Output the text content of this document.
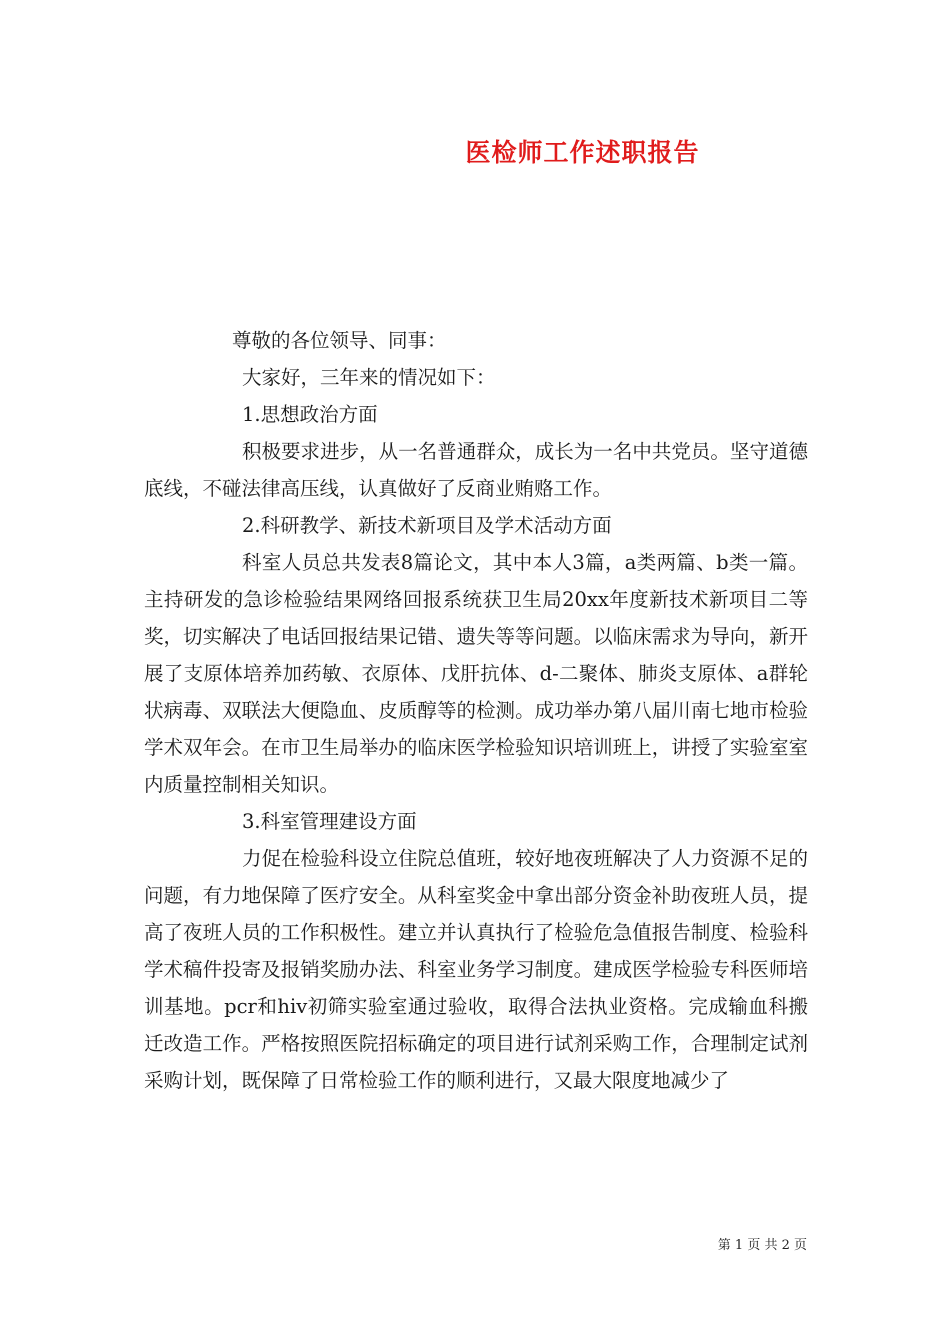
医检师工作述职报告

尊敬的各位领导、同事：

大家好，三年来的情况如下：

1.思想政治方面

积极要求进步，从一名普通群众，成长为一名中共党员。坚守道德底线，不碰法律高压线，认真做好了反商业贿赂工作。

2.科研教学、新技术新项目及学术活动方面

科室人员总共发表8篇论文，其中本人3篇，a类两篇、b类一篇。主持研发的急诊检验结果网络回报系统获卫生局20xx年度新技术新项目二等奖，切实解决了电话回报结果记错、遗失等等问题。以临床需求为导向，新开展了支原体培养加药敏、衣原体、戊肝抗体、d-二聚体、肺炎支原体、a群轮状病毒、双联法大便隐血、皮质醇等的检测。成功举办第八届川南七地市检验学术双年会。在市卫生局举办的临床医学检验知识培训班上，讲授了实验室室内质量控制相关知识。

3.科室管理建设方面

力促在检验科设立住院总值班，较好地夜班解决了人力资源不足的问题，有力地保障了医疗安全。从科室奖金中拿出部分资金补助夜班人员，提高了夜班人员的工作积极性。建立并认真执行了检验危急值报告制度、检验科学术稿件投寄及报销奖励办法、科室业务学习制度。建成医学检验专科医师培训基地。pcr和hiv初筛实验室通过验收，取得合法执业资格。完成输血科搬迁改造工作。严格按照医院招标确定的项目进行试剂采购工作，合理制定试剂采购计划，既保障了日常检验工作的顺利进行，又最大限度地减少了

第 1 页 共 2 页
